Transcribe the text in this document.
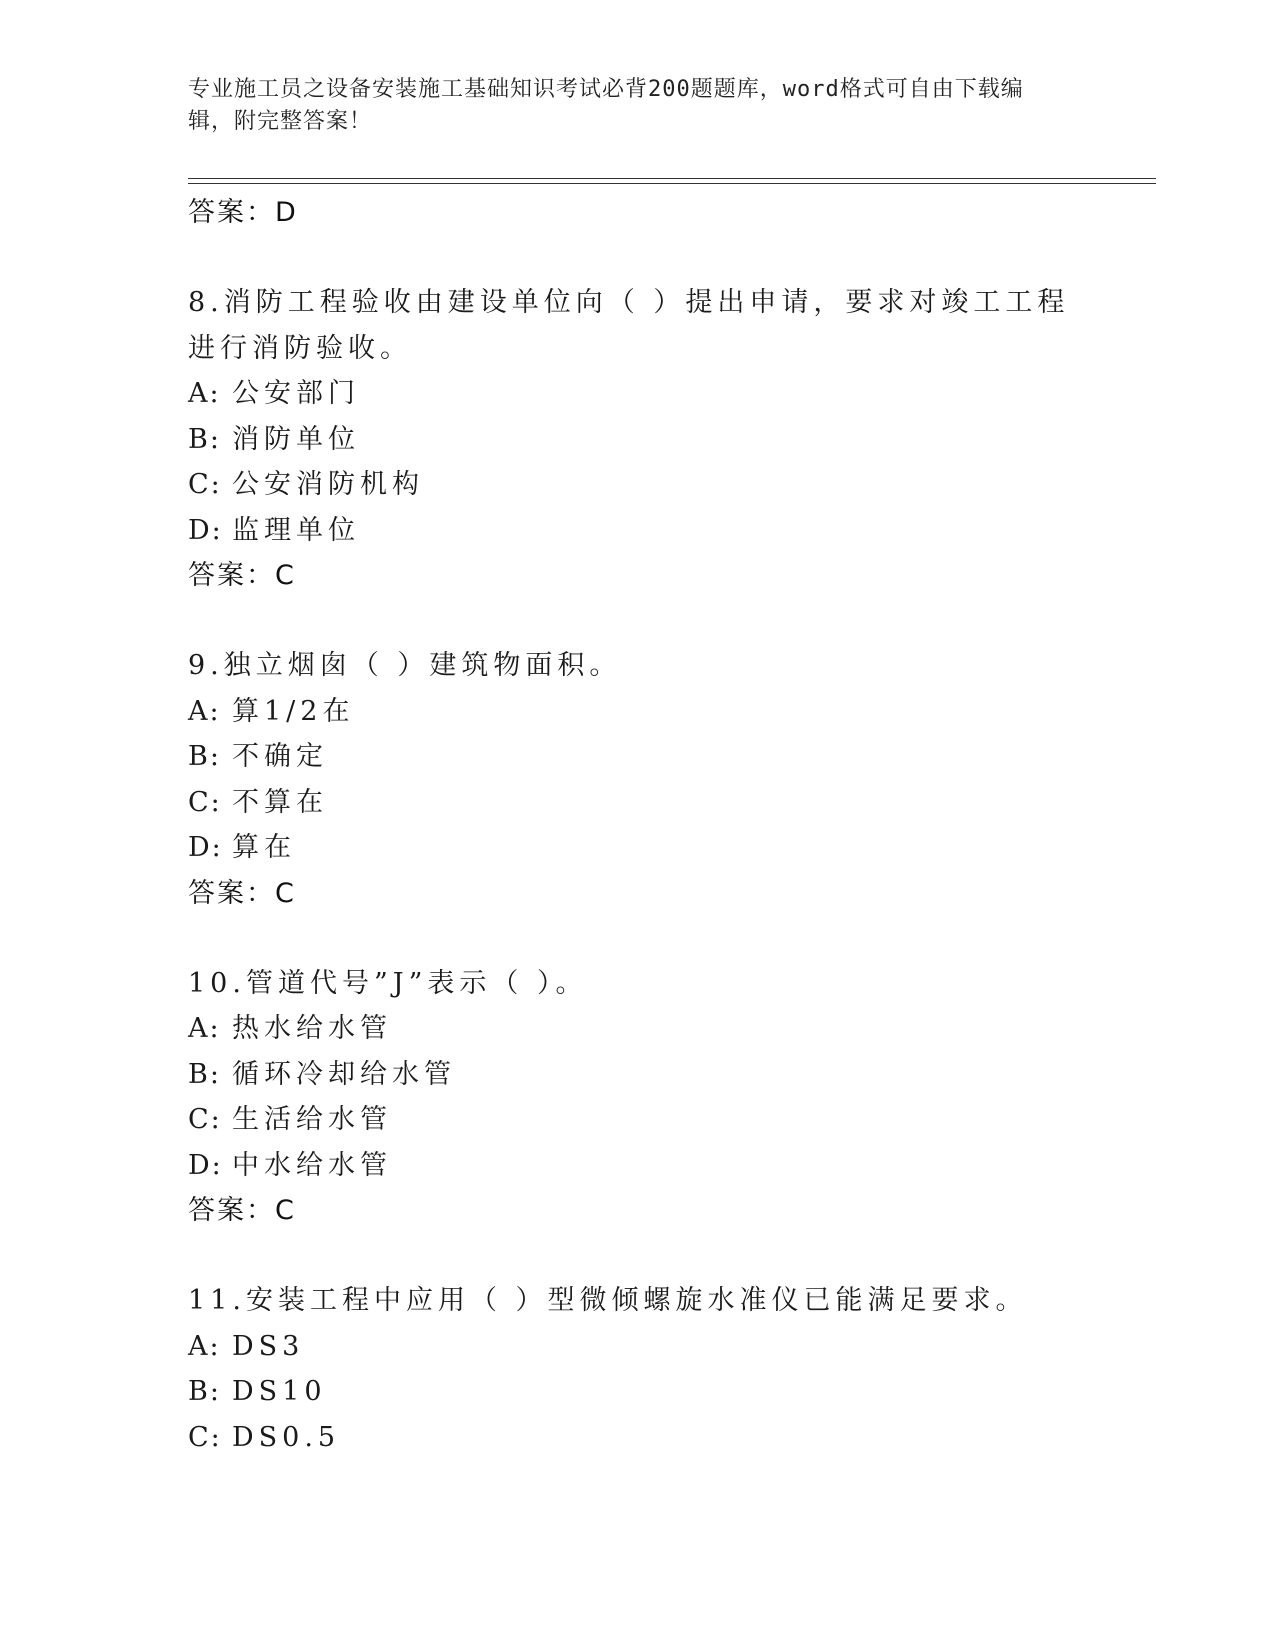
专业施工员之设备安装施工基础知识考试必背200题题库，word格式可自由下载编辑，附完整答案！
答案：D
8.消防工程验收由建设单位向（ ）提出申请，要求对竣工工程进行消防验收。
A: 公安部门
B: 消防单位
C: 公安消防机构
D: 监理单位
答案：C
9.独立烟囱（ ）建筑物面积。
A: 算1/2在
B: 不确定
C: 不算在
D: 算在
答案：C
10.管道代号”J”表示（ ）。
A: 热水给水管
B: 循环冷却给水管
C: 生活给水管
D: 中水给水管
答案：C
11.安装工程中应用（ ）型微倾螺旋水准仪已能满足要求。
A: DS3
B: DS10
C: DS0.5
